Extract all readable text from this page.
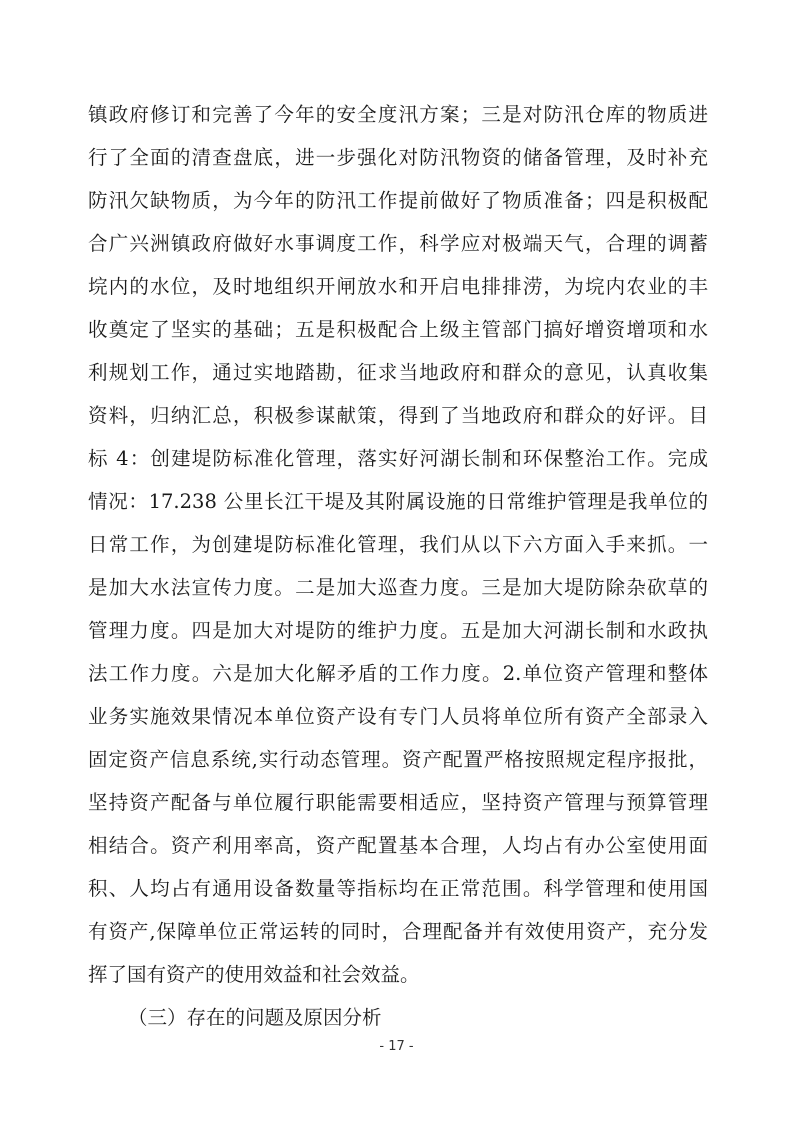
镇政府修订和完善了今年的安全度汛方案；三是对防汛仓库的物质进
行了全面的清查盘底，进一步强化对防汛物资的储备管理，及时补充
防汛欠缺物质，为今年的防汛工作提前做好了物质准备；四是积极配
合广兴洲镇政府做好水事调度工作，科学应对极端天气，合理的调蓄
垸内的水位，及时地组织开闸放水和开启电排排涝，为垸内农业的丰
收奠定了坚实的基础；五是积极配合上级主管部门搞好增资增项和水
利规划工作，通过实地踏勘，征求当地政府和群众的意见，认真收集
资料，归纳汇总，积极参谋献策，得到了当地政府和群众的好评。目
标 4：创建堤防标准化管理，落实好河湖长制和环保整治工作。完成
情况：17.238 公里长江干堤及其附属设施的日常维护管理是我单位的
日常工作，为创建堤防标准化管理，我们从以下六方面入手来抓。一
是加大水法宣传力度。二是加大巡查力度。三是加大堤防除杂砍草的
管理力度。四是加大对堤防的维护力度。五是加大河湖长制和水政执
法工作力度。六是加大化解矛盾的工作力度。2.单位资产管理和整体
业务实施效果情况本单位资产设有专门人员将单位所有资产全部录入
固定资产信息系统,实行动态管理。资产配置严格按照规定程序报批，
坚持资产配备与单位履行职能需要相适应，坚持资产管理与预算管理
相结合。资产利用率高，资产配置基本合理，人均占有办公室使用面
积、人均占有通用设备数量等指标均在正常范围。科学管理和使用国
有资产,保障单位正常运转的同时，合理配备并有效使用资产，充分发
挥了国有资产的使用效益和社会效益。
（三）存在的问题及原因分析
- 17 -
